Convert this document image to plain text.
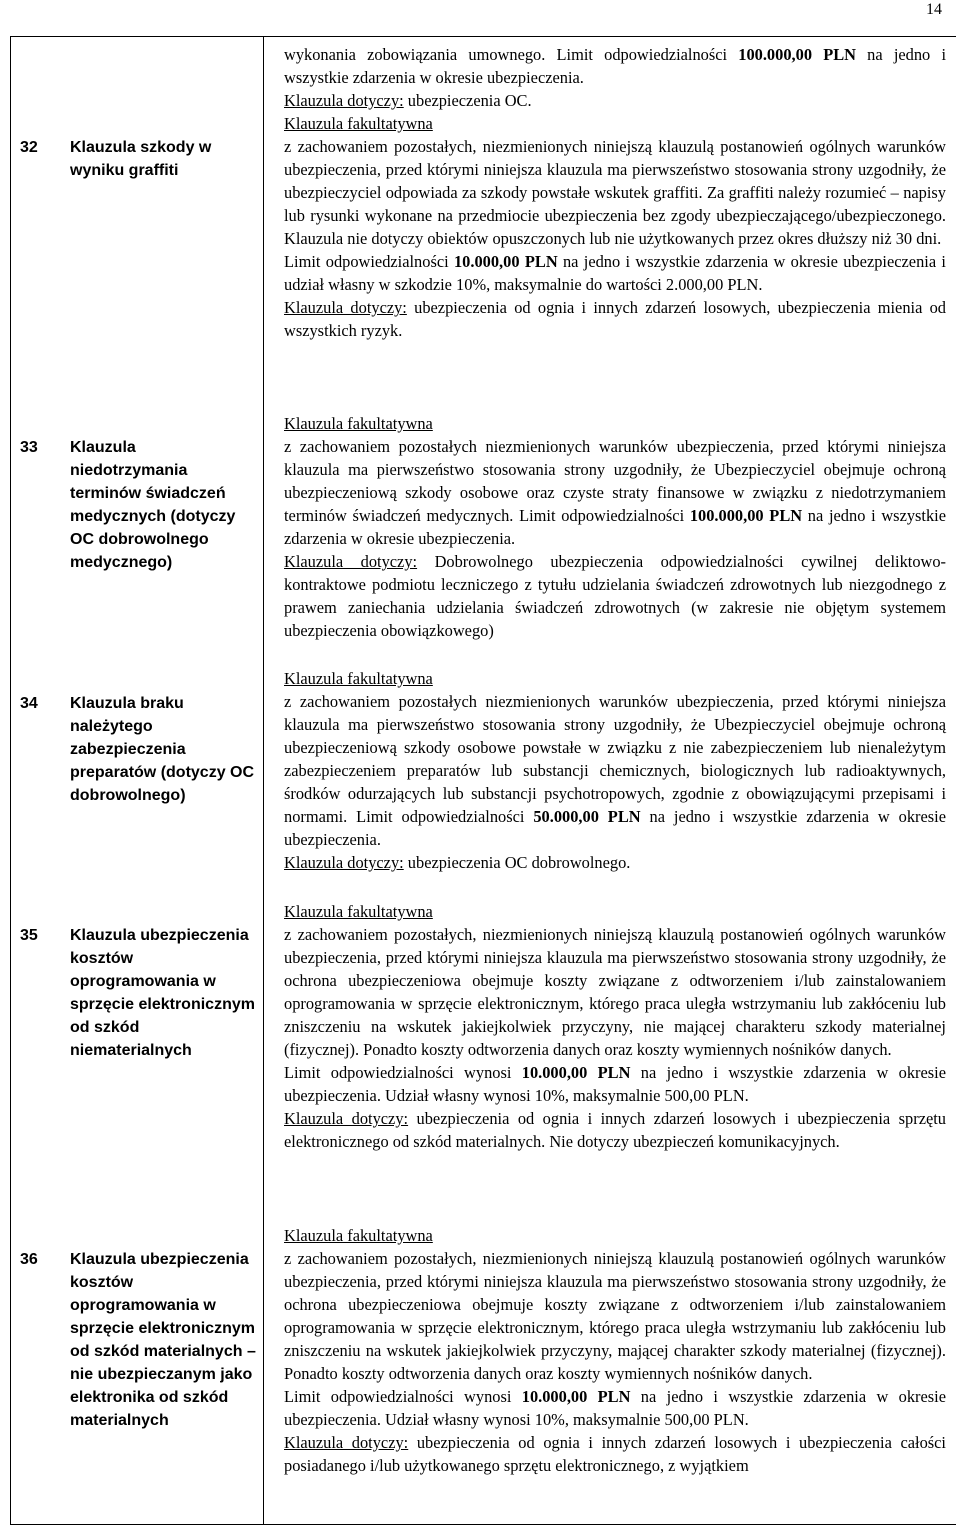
14
32 Klauzula szkody w wyniku graffiti
33 Klauzula niedotrzymania terminów świadczeń medycznych (dotyczy OC dobrowolnego medycznego)
34 Klauzula braku należytego zabezpieczenia preparatów (dotyczy OC dobrowolnego)
35 Klauzula ubezpieczenia kosztów oprogramowania w sprzęcie elektronicznym od szkód niematerialnych
36 Klauzula ubezpieczenia kosztów oprogramowania w sprzęcie elektronicznym od szkód materialnych – nie ubezpieczanym jako elektronika od szkód materialnych

wykonania zobowiązania umownego. Limit odpowiedzialności 100.000,00 PLN na jedno i wszystkie zdarzenia w okresie ubezpieczenia.

Klauzula dotyczy: ubezpieczenia OC.

Klauzula fakultatywna

z zachowaniem pozostałych, niezmienionych niniejszą klauzulą postanowień ogólnych warunków ubezpieczenia, przed którymi niniejsza klauzula ma pierwszeństwo stosowania strony uzgodniły, że ubezpieczyciel odpowiada za szkody powstałe wskutek graffiti. Za graffiti należy rozumieć – napisy lub rysunki wykonane na przedmiocie ubezpieczenia bez zgody ubezpieczającego/ubezpieczonego. Klauzula nie dotyczy obiektów opuszczonych lub nie użytkowanych przez okres dłuższy niż 30 dni.

Limit odpowiedzialności 10.000,00 PLN na jedno i wszystkie zdarzenia w okresie ubezpieczenia i udział własny w szkodzie 10%, maksymalnie do wartości 2.000,00 PLN.

Klauzula dotyczy: ubezpieczenia od ognia i innych zdarzeń losowych, ubezpieczenia mienia od wszystkich ryzyk.

Klauzula fakultatywna

z zachowaniem pozostałych niezmienionych warunków ubezpieczenia, przed którymi niniejsza klauzula ma pierwszeństwo stosowania strony uzgodniły, że Ubezpieczyciel obejmuje ochroną ubezpieczeniową szkody osobowe oraz czyste straty finansowe w związku z niedotrzymaniem terminów świadczeń medycznych. Limit odpowiedzialności 100.000,00 PLN na jedno i wszystkie zdarzenia w okresie ubezpieczenia.

Klauzula dotyczy: Dobrowolnego ubezpieczenia odpowiedzialności cywilnej deliktowo-kontraktowe podmiotu leczniczego z tytułu udzielania świadczeń zdrowotnych lub niezgodnego z prawem zaniechania udzielania świadczeń zdrowotnych (w zakresie nie objętym systemem ubezpieczenia obowiązkowego)

Klauzula fakultatywna

z zachowaniem pozostałych niezmienionych warunków ubezpieczenia, przed którymi niniejsza klauzula ma pierwszeństwo stosowania strony uzgodniły, że Ubezpieczyciel obejmuje ochroną ubezpieczeniową szkody osobowe powstałe w związku z nie zabezpieczeniem lub nienależytym zabezpieczeniem preparatów lub substancji chemicznych, biologicznych lub radioaktywnych, środków odurzających lub substancji psychotropowych, zgodnie z obowiązującymi przepisami i normami. Limit odpowiedzialności 50.000,00 PLN na jedno i wszystkie zdarzenia w okresie ubezpieczenia.

Klauzula dotyczy: ubezpieczenia OC dobrowolnego.

Klauzula fakultatywna

z zachowaniem pozostałych, niezmienionych niniejszą klauzulą postanowień ogólnych warunków ubezpieczenia, przed którymi niniejsza klauzula ma pierwszeństwo stosowania strony uzgodniły, że ochrona ubezpieczeniowa obejmuje koszty związane z odtworzeniem i/lub zainstalowaniem oprogramowania w sprzęcie elektronicznym, którego praca uległa wstrzymaniu lub zakłóceniu lub zniszczeniu na wskutek jakiejkolwiek przyczyny, nie mającej charakteru szkody materialnej (fizycznej). Ponadto koszty odtworzenia danych oraz koszty wymiennych nośników danych.

Limit odpowiedzialności wynosi 10.000,00 PLN na jedno i wszystkie zdarzenia w okresie ubezpieczenia. Udział własny wynosi 10%, maksymalnie 500,00 PLN.

Klauzula dotyczy: ubezpieczenia od ognia i innych zdarzeń losowych i ubezpieczenia sprzętu elektronicznego od szkód materialnych. Nie dotyczy ubezpieczeń komunikacyjnych.

Klauzula fakultatywna

z zachowaniem pozostałych, niezmienionych niniejszą klauzulą postanowień ogólnych warunków ubezpieczenia, przed którymi niniejsza klauzula ma pierwszeństwo stosowania strony uzgodniły, że ochrona ubezpieczeniowa obejmuje koszty związane z odtworzeniem i/lub zainstalowaniem oprogramowania w sprzęcie elektronicznym, którego praca uległa wstrzymaniu lub zakłóceniu lub zniszczeniu na wskutek jakiejkolwiek przyczyny, mającej charakter szkody materialnej (fizycznej). Ponadto koszty odtworzenia danych oraz koszty wymiennych nośników danych.

Limit odpowiedzialności wynosi 10.000,00 PLN na jedno i wszystkie zdarzenia w okresie ubezpieczenia. Udział własny wynosi 10%, maksymalnie 500,00 PLN.

Klauzula dotyczy: ubezpieczenia od ognia i innych zdarzeń losowych i ubezpieczenia całości posiadanego i/lub użytkowanego sprzętu elektronicznego, z wyjątkiem
